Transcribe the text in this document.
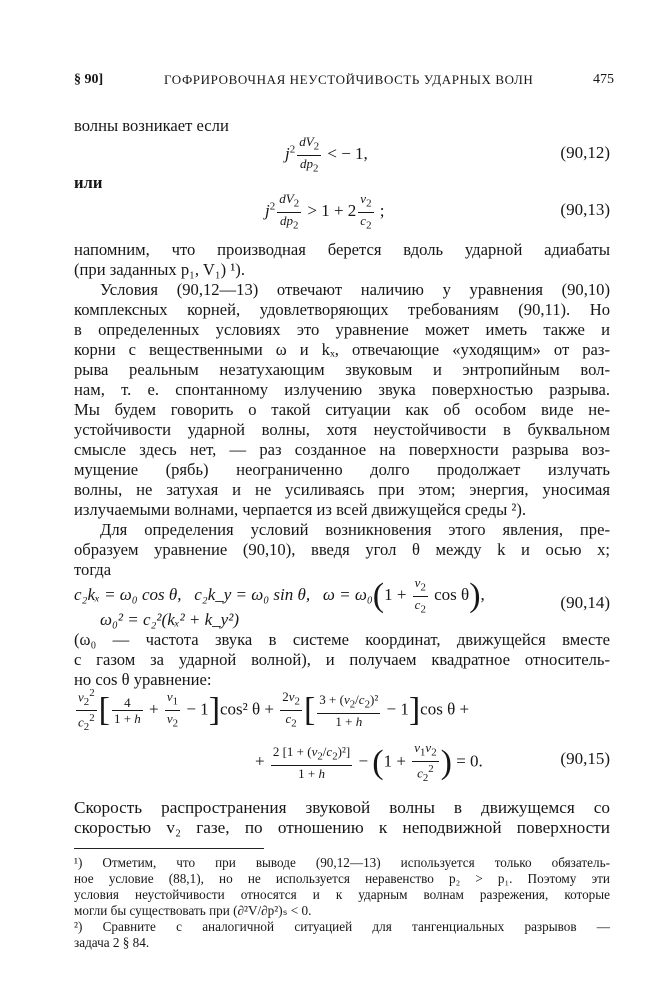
§ 90]	ГОФРИРОВОЧНАЯ НЕУСТОЙЧИВОСТЬ УДАРНЫХ ВОЛН	475
волны возникает если
$j^2 \frac{dV_2}{dp_2}$ < − 1,	(90,12)
или
$j^2 \frac{dV_2}{dp_2} > 1 + 2 \frac{v_2}{c_2}$ ;	(90,13)
напомним, что производная берется вдоль ударной адиабаты
(при заданных p₁, V₁) ¹).
Условия (90,12—13) отвечают наличию у уравнения (90,10)
комплексных корней, удовлетворяющих требованиям (90,11). Но
в определенных условиях это уравнение может иметь также и
корни с вещественными ω и kₓ, отвечающие «уходящим» от раз-
рыва реальным незатухающим звуковым и энтропийным вол-
нам, т. е. спонтанному излучению звука поверхностью разрыва.
Мы будем говорить о такой ситуации как об особом виде не-
устойчивости ударной волны, хотя неустойчивости в буквальном
смысле здесь нет, — раз созданное на поверхности разрыва воз-
мущение (рябь) неограниченно долго продолжает излучать
волны, не затухая и не усиливаясь при этом; энергия, уносимая
излучаемыми волнами, черпается из всей движущейся среды ²).
Для определения условий возникновения этого явления, пре-
образуем уравнение (90,10), введя угол θ между k и осью x;
тогда
c₂kₓ = ω₀ cos θ, c₂k_y = ω₀ sin θ, $\omega = \omega_0(1 + \frac{v_2}{c_2}$ cos θ),
ω₀² = c₂²(kₓ² + k_y²)
(90,14)
(ω₀ — частота звука в системе координат, движущейся вместе
с газом за ударной волной), и получаем квадратное относитель-
но cos θ уравнение:
$\frac{v_2^2}{c_2^2}$ [ $\frac{4}{1 + h} + \frac{v_1}{v_2} - 1]\cos^2$ $\theta + \frac{2v_2}{c_2}$ [ $\frac{3 + (v_2/c_2)^2}{1 + h} - 1]\cos$ θ +
+ $\frac{2 [1 + (v_2/c_2)^2]}{1 + h} - (1 + \frac{v_1v_2}{c_2^2}$ ) = 0.	(90,15)
Скорость распространения звуковой волны в движущемся со
скоростью v₂ газе, по отношению к неподвижной поверхности
¹) Отметим, что при выводе (90,12—13) используется только обязатель-
ное условие (88,1), но не используется неравенство p₂ > p₁. Поэтому эти
условия неустойчивости относятся и к ударным волнам разрежения, которые
могли бы существовать при (∂²V/∂p²)ₛ < 0.
²) Сравните с аналогичной ситуацией для тангенциальных разрывов —
задача 2 § 84.
